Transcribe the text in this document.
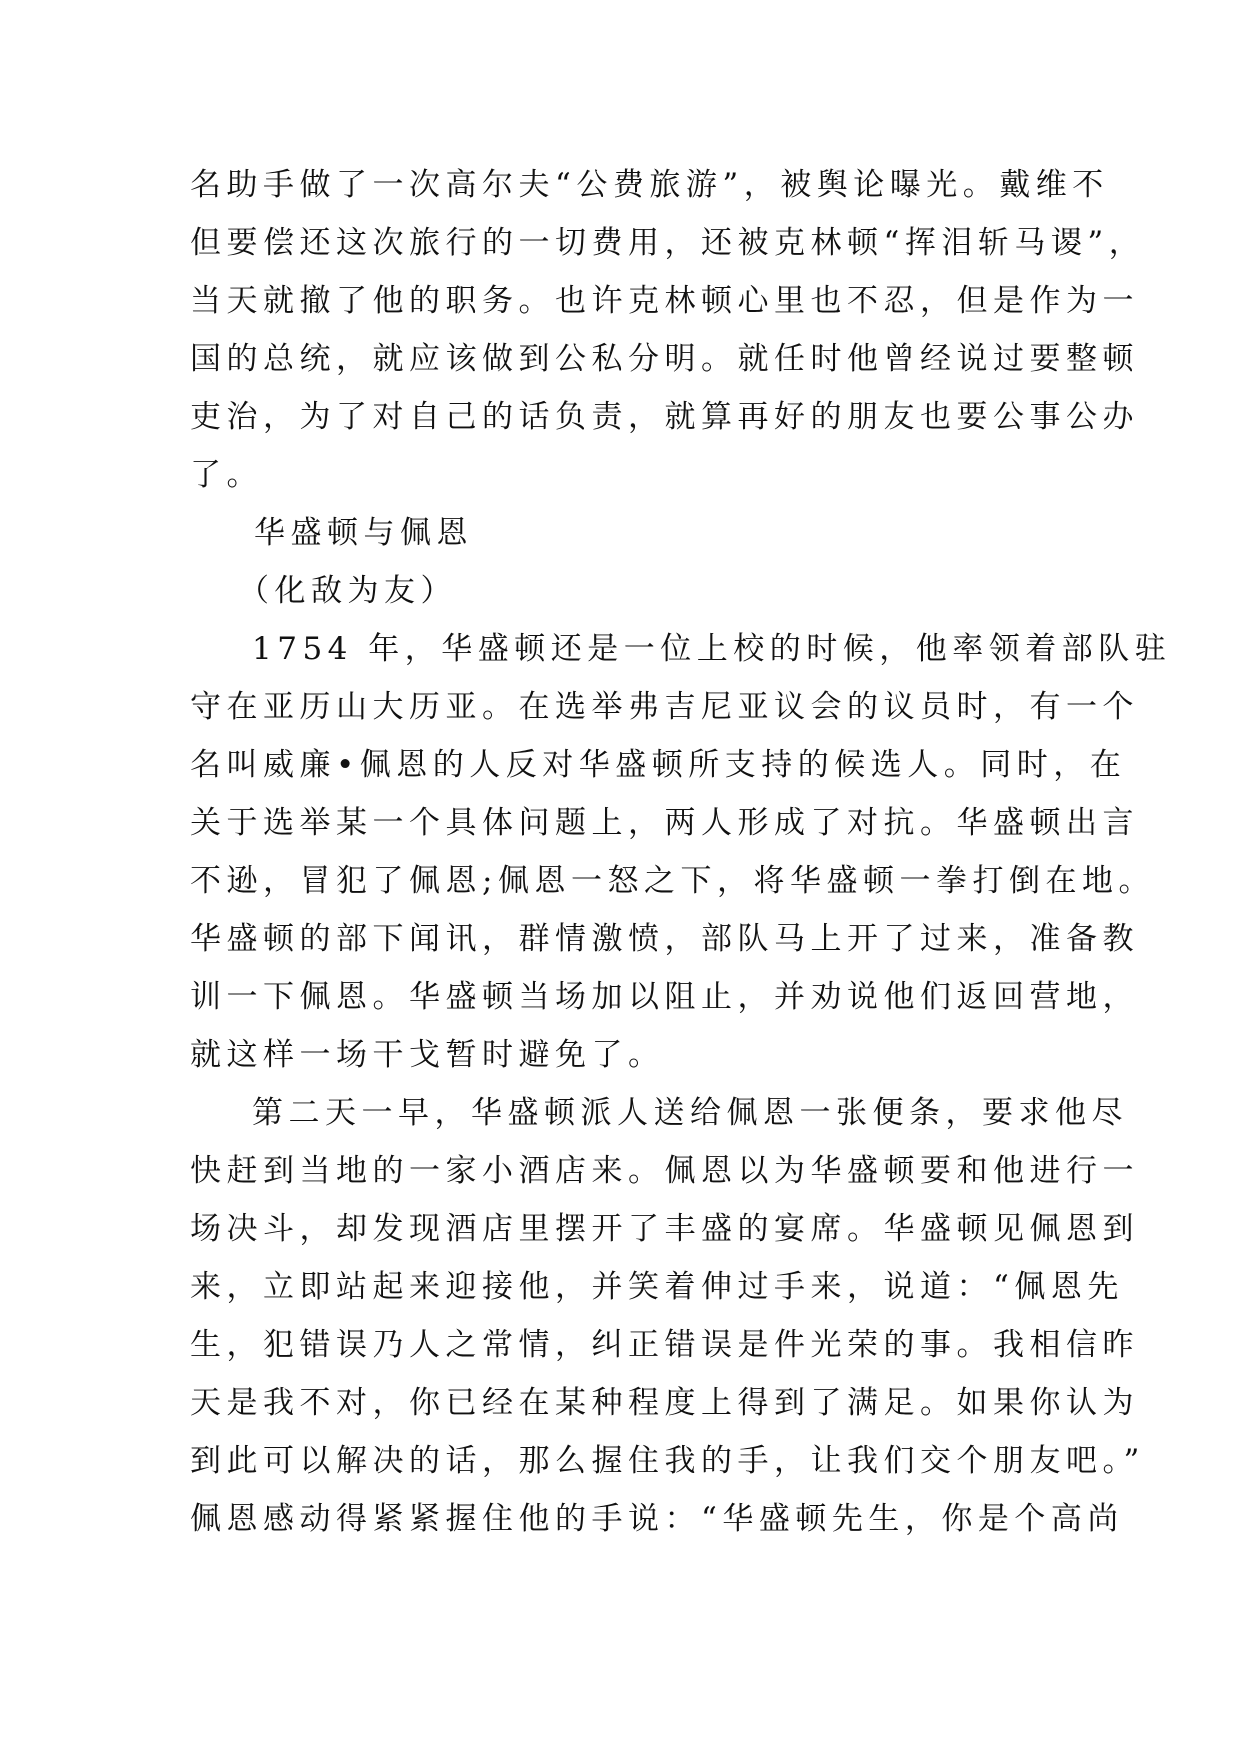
名助手做了一次高尔夫“公费旅游”，被舆论曝光。戴维不
但要偿还这次旅行的一切费用，还被克林顿“挥泪斩马谡”，
当天就撤了他的职务。也许克林顿心里也不忍，但是作为一
国的总统，就应该做到公私分明。就任时他曾经说过要整顿
吏治，为了对自己的话负责，就算再好的朋友也要公事公办
了。
华盛顿与佩恩
（化敌为友）
1754 年，华盛顿还是一位上校的时候，他率领着部队驻
守在亚历山大历亚。在选举弗吉尼亚议会的议员时，有一个
名叫威廉•佩恩的人反对华盛顿所支持的候选人。同时，在
关于选举某一个具体问题上，两人形成了对抗。华盛顿出言
不逊，冒犯了佩恩;佩恩一怒之下，将华盛顿一拳打倒在地。
华盛顿的部下闻讯，群情激愤，部队马上开了过来，准备教
训一下佩恩。华盛顿当场加以阻止，并劝说他们返回营地，
就这样一场干戈暂时避免了。
第二天一早，华盛顿派人送给佩恩一张便条，要求他尽
快赶到当地的一家小酒店来。佩恩以为华盛顿要和他进行一
场决斗，却发现酒店里摆开了丰盛的宴席。华盛顿见佩恩到
来，立即站起来迎接他，并笑着伸过手来，说道：“佩恩先
生，犯错误乃人之常情，纠正错误是件光荣的事。我相信昨
天是我不对，你已经在某种程度上得到了满足。如果你认为
到此可以解决的话，那么握住我的手，让我们交个朋友吧。”
佩恩感动得紧紧握住他的手说：“华盛顿先生，你是个高尚
